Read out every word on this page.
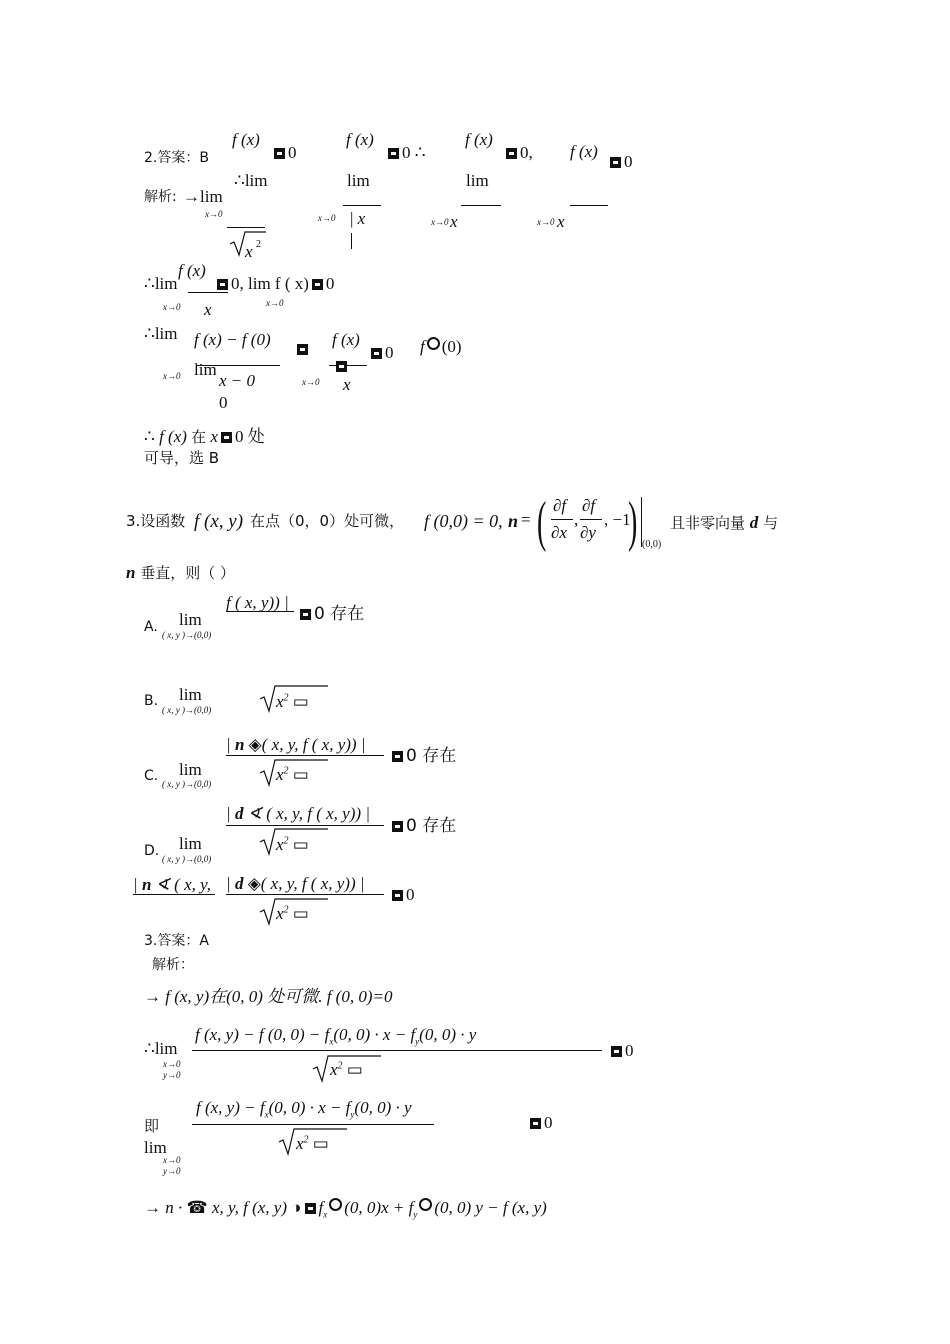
2.答案：B
f (x)
0
f (x)
0 ∴
f (x)
0, f (x)
0
解析: →lim
∴lim	lim	lim
x→0	x→0	x→0	x→0
| x	x	x
x 2
∴lim
x→0
f (x)
x
0, lim f ( x) 0
x→0
∴lim
x→0
f (x) − f (0)
lim
x − 0
0
x→0
f (x)
x
0 f (0)
∴ f (x) 在 x 0 处
可导，选 B
3.设函数 f (x, y) 在点（0，0）处可微， f (0,0) = 0, n = ( ∂f
∂x
,
∂f
∂y
, −1
) (0,0)
且非零向量 d 与
n 垂直，则（ ）
A. lim
( x, y )→(0,0)
f ( x, y)) |
0 存在
B. lim
( x, y )→(0,0)	$x^2$ ▭
C. lim
( x, y )→(0,0)
| n ◈( x, y, f ( x, y)) |
$x^2$ ▭
0 存在
D. lim
( x, y )→(0,0)
| d ∢ ( x, y, f ( x, y)) |
$x^2$ ▭
0 存在
| n ∢ ( x, y, | d ◈( x, y, f ( x, y)) |
$x^2$ ▭
0
3.答案：A
解析：
→ f (x, y)在(0, 0) 处可微. f (0, 0)=0
∴lim
x→0
y→0
f (x, y) − f (0, $0) - f_x(0$, $0) \cdot x - f_y(0$, 0) · y
$x^2$ ▭
0
即
lim
x→0
y→0
f (x, $y) - f_x(0$, $0) \cdot x - f_y(0$, 0) · y
$x^2$ ▭
0
→ n · ☎ x, y, f (x, y) ◑ $f_x$ (0, $0)x + f_y$ (0, 0) y − f (x, y)
